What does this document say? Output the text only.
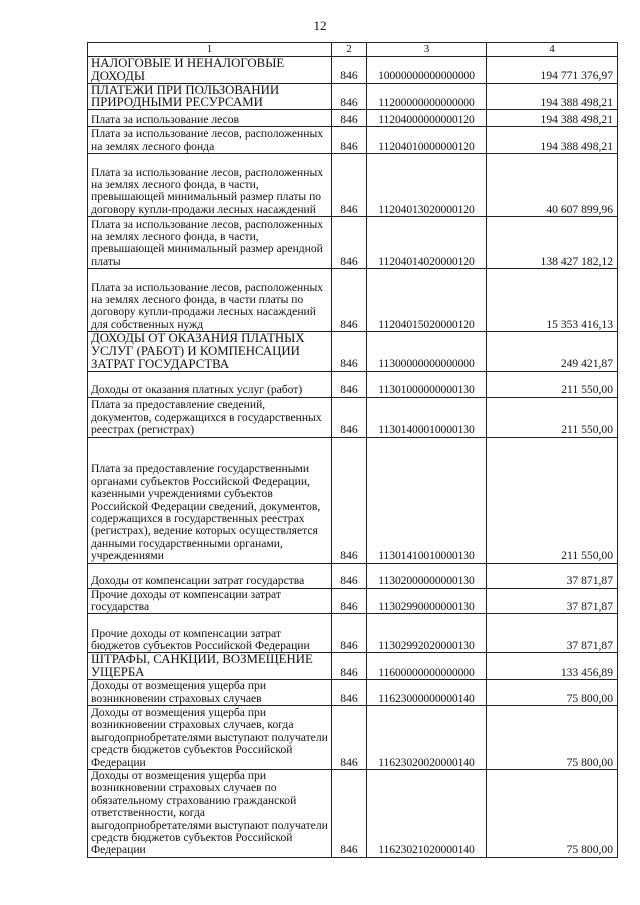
12
1	2	3	4
НАЛОГОВЫЕ И НЕНАЛОГОВЫЕ ДОХОДЫ	846	10000000000000000	194 771 376,97
ПЛАТЕЖИ ПРИ ПОЛЬЗОВАНИИ ПРИРОДНЫМИ РЕСУРСАМИ	846	11200000000000000	194 388 498,21
Плата за использование лесов	846	11204000000000120	194 388 498,21
Плата за использование лесов, расположенных на землях лесного фонда	846	11204010000000120	194 388 498,21
Плата за использование лесов, расположенных на землях лесного фонда, в части, превышающей минимальный размер платы по договору купли-продажи лесных насаждений	846	11204013020000120	40 607 899,96
Плата за использование лесов, расположенных на землях лесного фонда, в части, превышающей минимальный размер арендной платы	846	11204014020000120	138 427 182,12
Плата за использование лесов, расположенных на землях лесного фонда, в части платы по договору купли-продажи лесных насаждений для собственных нужд	846	11204015020000120	15 353 416,13
ДОХОДЫ ОТ ОКАЗАНИЯ ПЛАТНЫХ УСЛУГ (РАБОТ) И КОМПЕНСАЦИИ ЗАТРАТ ГОСУДАРСТВА	846	11300000000000000	249 421,87
Доходы от оказания платных услуг (работ)	846	11301000000000130	211 550,00
Плата за предоставление сведений, документов, содержащихся в государственных реестрах (регистрах)	846	11301400010000130	211 550,00
Плата за предоставление государственными органами субъектов Российской Федерации, казенными учреждениями субъектов Российской Федерации сведений, документов, содержащихся в государственных реестрах (регистрах), ведение которых осуществляется данными государственными органами, учреждениями	846	11301410010000130	211 550,00
Доходы от компенсации затрат государства	846	11302000000000130	37 871,87
Прочие доходы от компенсации затрат государства	846	11302990000000130	37 871,87
Прочие доходы от компенсации затрат бюджетов субъектов Российской Федерации	846	11302992020000130	37 871,87
ШТРАФЫ, САНКЦИИ, ВОЗМЕЩЕНИЕ УЩЕРБА	846	11600000000000000	133 456,89
Доходы от возмещения ущерба при возникновении страховых случаев	846	11623000000000140	75 800,00
Доходы от возмещения ущерба при возникновении страховых случаев, когда выгодоприобретателями выступают получатели средств бюджетов субъектов Российской Федерации	846	11623020020000140	75 800,00
Доходы от возмещения ущерба при возникновении страховых случаев по обязательному страхованию гражданской ответственности, когда выгодоприобретателями выступают получатели средств бюджетов субъектов Российской Федерации	846	11623021020000140	75 800,00
